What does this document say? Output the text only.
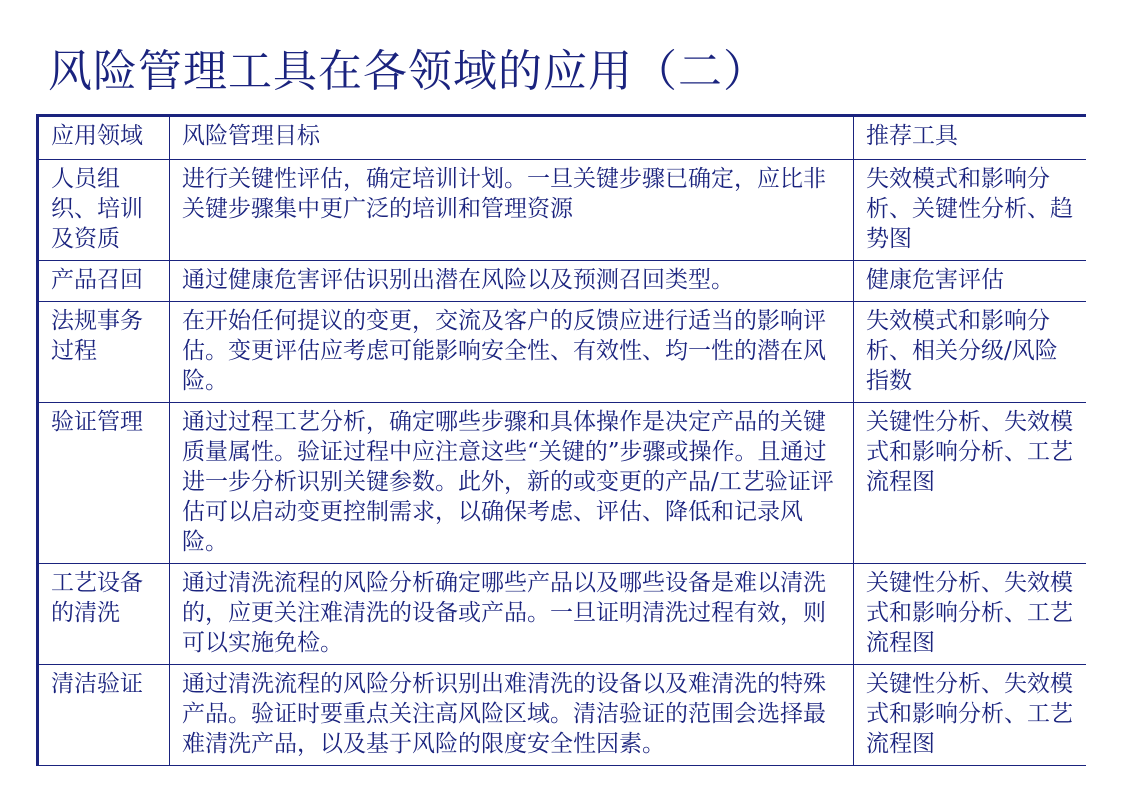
风险管理工具在各领域的应用（二）
应用领域	风险管理目标	推荐工具
人员组织、培训及资质	进行关键性评估，确定培训计划。一旦关键步骤已确定，应比非关键步骤集中更广泛的培训和管理资源	失效模式和影响分析、关键性分析、趋势图
产品召回	通过健康危害评估识别出潜在风险以及预测召回类型。	健康危害评估
法规事务过程	在开始任何提议的变更，交流及客户的反馈应进行适当的影响评估。变更评估应考虑可能影响安全性、有效性、均一性的潜在风险。	失效模式和影响分析、相关分级/风险指数
验证管理	通过过程工艺分析，确定哪些步骤和具体操作是决定产品的关键质量属性。验证过程中应注意这些“关键的”步骤或操作。且通过进一步分析识别关键参数。此外，新的或变更的产品/工艺验证评估可以启动变更控制需求，以确保考虑、评估、降低和记录风险。	关键性分析、失效模式和影响分析、工艺流程图
工艺设备的清洗	通过清洗流程的风险分析确定哪些产品以及哪些设备是难以清洗的，应更关注难清洗的设备或产品。一旦证明清洗过程有效，则可以实施免检。	关键性分析、失效模式和影响分析、工艺流程图
清洁验证	通过清洗流程的风险分析识别出难清洗的设备以及难清洗的特殊产品。验证时要重点关注高风险区域。清洁验证的范围会选择最难清洗产品，以及基于风险的限度安全性因素。	关键性分析、失效模式和影响分析、工艺流程图
